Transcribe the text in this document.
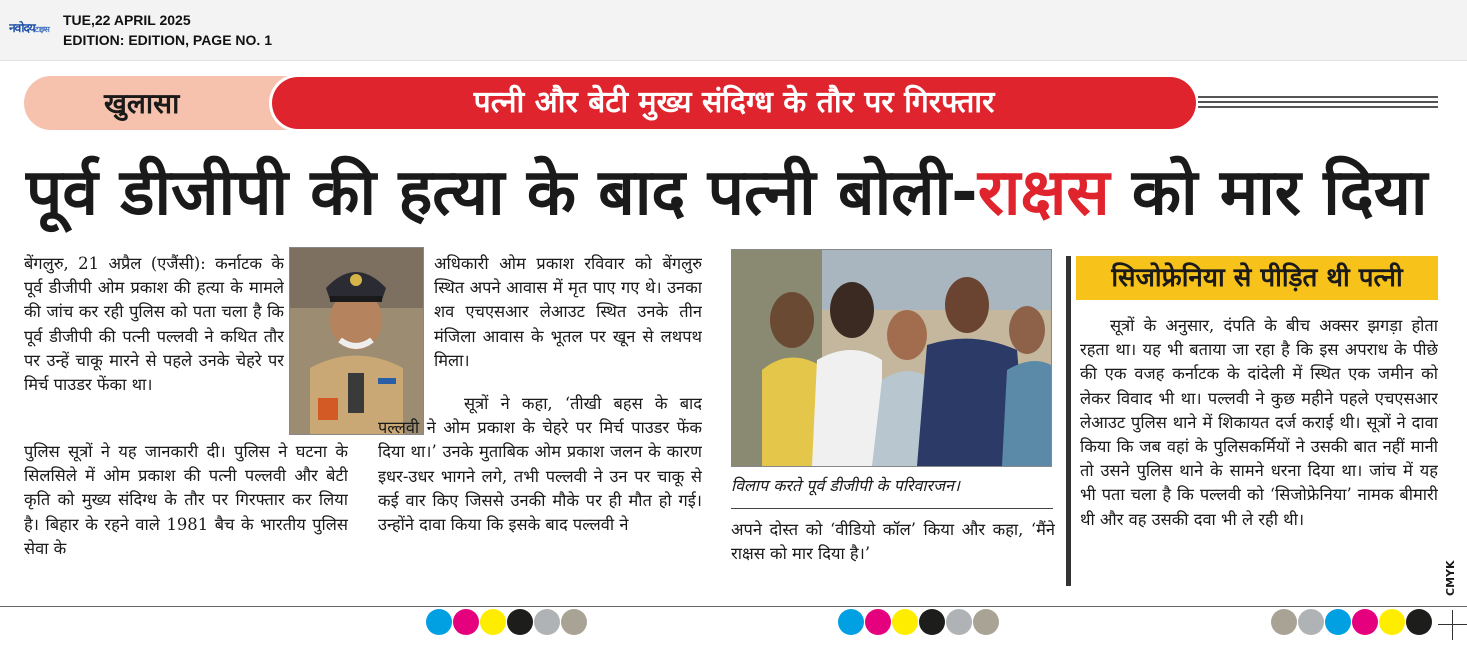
नवोदयटाइम्स
TUE,22 APRIL 2025
EDITION: EDITION, PAGE NO. 1
खुलासा	पत्नी और बेटी मुख्य संदिग्ध के तौर पर गिरफ्तार
पूर्व डीजीपी की हत्या के बाद पत्नी बोली-राक्षस को मार दिया

बेंगलुरु, 21 अप्रैल (एजैंसी): कर्नाटक के पूर्व डीजीपी ओम प्रकाश की हत्या के मामले की जांच कर रही पुलिस को पता चला है कि पूर्व डीजीपी की पत्नी पल्लवी ने कथित तौर पर उन्हें चाकू मारने से पहले उनके चेहरे पर मिर्च पाउडर फेंका था।

पुलिस सूत्रों ने यह जानकारी दी। पुलिस ने घटना के सिलसिले में ओम प्रकाश की पत्नी पल्लवी और बेटी कृति को मुख्य संदिग्ध के तौर पर गिरफ्तार कर लिया है। बिहार के रहने वाले 1981 बैच के भारतीय पुलिस सेवा के

अधिकारी ओम प्रकाश रविवार को बेंगलुरु स्थित अपने आवास में मृत पाए गए थे। उनका शव एचएसआर लेआउट स्थित उनके तीन मंजिला आवास के भूतल पर खून से लथपथ मिला।

सूत्रों ने कहा, ‘तीखी बहस के बाद पल्लवी ने ओम प्रकाश के चेहरे पर मिर्च पाउडर फेंक दिया था।’ उनके मुताबिक ओम प्रकाश जलन के कारण इधर-उधर भागने लगे, तभी पल्लवी ने उन पर चाकू से कई वार किए जिससे उनकी मौके पर ही मौत हो गई। उन्होंने दावा किया कि इसके बाद पल्लवी ने

विलाप करते पूर्व डीजीपी के परिवारजन।

अपने दोस्त को ‘वीडियो कॉल’ किया और कहा, ‘मैंने राक्षस को मार दिया है।’

सिजोफ्रेनिया से पीड़ित थी पत्नी

सूत्रों के अनुसार, दंपति के बीच अक्सर झगड़ा होता रहता था। यह भी बताया जा रहा है कि इस अपराध के पीछे की एक वजह कर्नाटक के दांदेली में स्थित एक जमीन को लेकर विवाद भी था। पल्लवी ने कुछ महीने पहले एचएसआर लेआउट पुलिस थाने में शिकायत दर्ज कराई थी। सूत्रों ने दावा किया कि जब वहां के पुलिसकर्मियों ने उसकी बात नहीं मानी तो उसने पुलिस थाने के सामने धरना दिया था। जांच में यह भी पता चला है कि पल्लवी को ‘सिजोफ्रेनिया’ नामक बीमारी थी और वह उसकी दवा भी ले रही थी।

CMYK
